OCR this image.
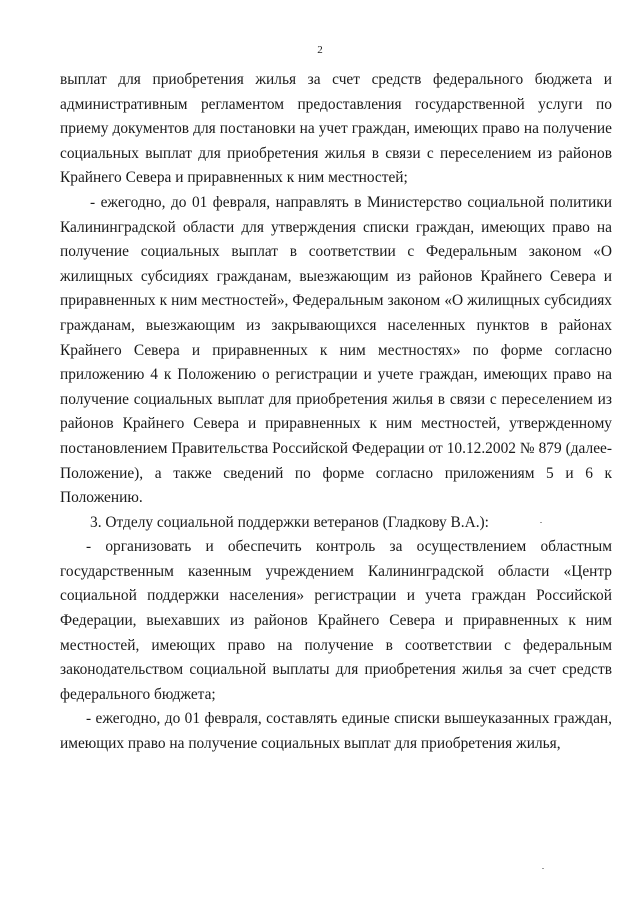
2

выплат для приобретения жилья за счет средств федерального бюджета и административным регламентом предоставления государственной услуги по приему документов для постановки на учет граждан, имеющих право на получение социальных выплат для приобретения жилья в связи с переселением из районов Крайнего Севера и приравненных к ним местностей;

- ежегодно, до 01 февраля, направлять в Министерство социальной политики Калининградской области для утверждения списки граждан, имеющих право на получение социальных выплат в соответствии с Федеральным законом «О жилищных субсидиях гражданам, выезжающим из районов Крайнего Севера и приравненных к ним местностей», Федеральным законом «О жилищных субсидиях гражданам, выезжающим из закрывающихся населенных пунктов в районах Крайнего Севера и приравненных к ним местностях» по форме согласно приложению 4 к Положению о регистрации и учете граждан, имеющих право на получение социальных выплат для приобретения жилья в связи с переселением из районов Крайнего Севера и приравненных к ним местностей, утвержденному постановлением Правительства Российской Федерации от 10.12.2002 № 879 (далее-Положение), а также сведений по форме согласно приложениям 5 и 6 к Положению.

3. Отделу социальной поддержки ветеранов (Гладкову В.А.):

- организовать и обеспечить контроль за осуществлением областным государственным казенным учреждением Калининградской области «Центр социальной поддержки населения» регистрации и учета граждан Российской Федерации, выехавших из районов Крайнего Севера и приравненных к ним местностей, имеющих право на получение в соответствии с федеральным законодательством социальной выплаты для приобретения жилья за счет средств федерального бюджета;

- ежегодно, до 01 февраля, составлять единые списки вышеуказанных граждан, имеющих право на получение социальных выплат для приобретения жилья,
